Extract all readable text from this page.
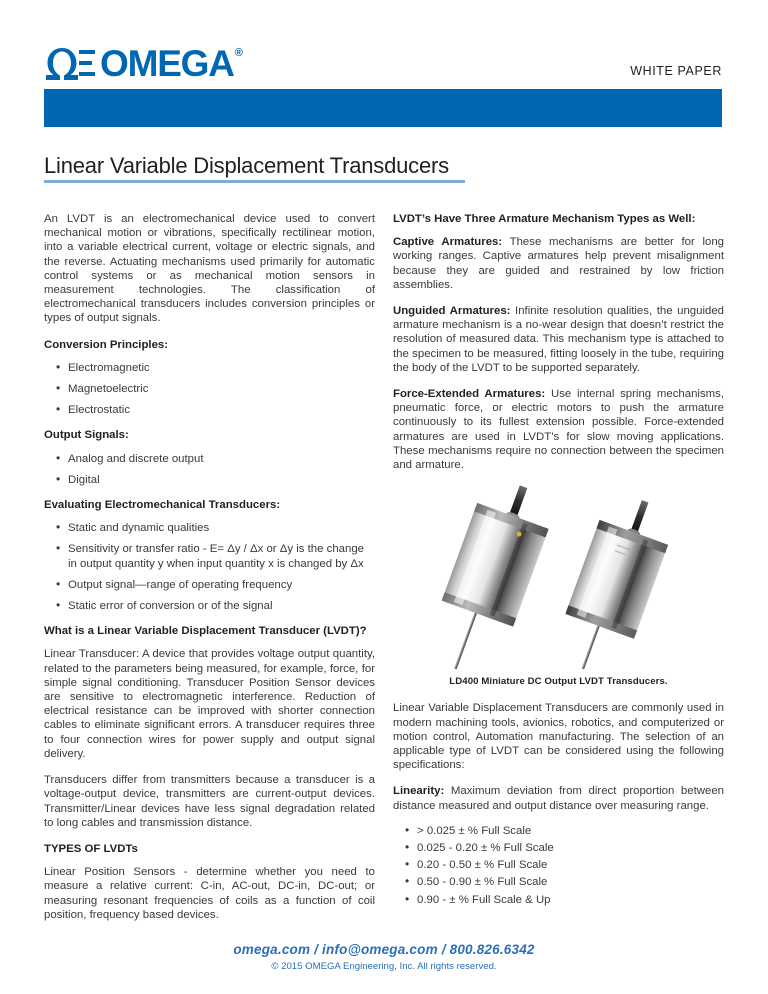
OMEGA ®
WHITE PAPER
Linear Variable Displacement Transducers

An LVDT is an electromechanical device used to convert mechanical motion or vibrations, specifically rectilinear motion, into a variable electrical current, voltage or electric signals, and the reverse. Actuating mechanisms used primarily for automatic control systems or as mechanical motion sensors in measurement technologies. The classification of electromechanical transducers includes conversion principles or types of output signals.

Conversion Principles:
• Electromagnetic
• Magnetoelectric
• Electrostatic
Output Signals:
• Analog and discrete output
• Digital
Evaluating Electromechanical Transducers:
• Static and dynamic qualities
• Sensitivity or transfer ratio - E= Δy / Δx or Δy is the change in output quantity y when input quantity x is changed by Δx
• Output signal—range of operating frequency
• Static error of conversion or of the signal
What is a Linear Variable Displacement Transducer (LVDT)?

Linear Transducer: A device that provides voltage output quantity, related to the parameters being measured, for example, force, for simple signal conditioning. Transducer Position Sensor devices are sensitive to electromagnetic interference. Reduction of electrical resistance can be improved with shorter connection cables to eliminate significant errors. A transducer requires three to four connection wires for power supply and output signal delivery.

Transducers differ from transmitters because a transducer is a voltage-output device, transmitters are current-output devices. Transmitter/Linear devices have less signal degradation related to long cables and transmission distance.

TYPES OF LVDTs

Linear Position Sensors - determine whether you need to measure a relative current: C-in, AC-out, DC-in, DC-out; or measuring resonant frequencies of coils as a function of coil position, frequency based devices.

LVDT’s Have Three Armature Mechanism Types as Well:

Captive Armatures: These mechanisms are better for long working ranges. Captive armatures help prevent misalignment because they are guided and restrained by low friction assemblies.

Unguided Armatures: Infinite resolution qualities, the unguided armature mechanism is a no-wear design that doesn’t restrict the resolution of measured data. This mechanism type is attached to the specimen to be measured, fitting loosely in the tube, requiring the body of the LVDT to be supported separately.

Force-Extended Armatures: Use internal spring mechanisms, pneumatic force, or electric motors to push the armature continuously to its fullest extension possible. Force-extended armatures are used in LVDT’s for slow moving applications. These mechanisms require no connection between the specimen and armature.

LD400 Miniature DC Output LVDT Transducers.

Linear Variable Displacement Transducers are commonly used in modern machining tools, avionics, robotics, and computerized or motion control, Automation manufacturing. The selection of an applicable type of LVDT can be considered using the following specifications:

Linearity: Maximum deviation from direct proportion between distance measured and output distance over measuring range.

• > 0.025 ± % Full Scale
• 0.025 - 0.20 ± % Full Scale
• 0.20 - 0.50 ± % Full Scale
• 0.50 - 0.90 ± % Full Scale
• 0.90 - ± % Full Scale & Up
omega.com / info@omega.com / 800.826.6342
© 2015 OMEGA Engineering, Inc. All rights reserved.
